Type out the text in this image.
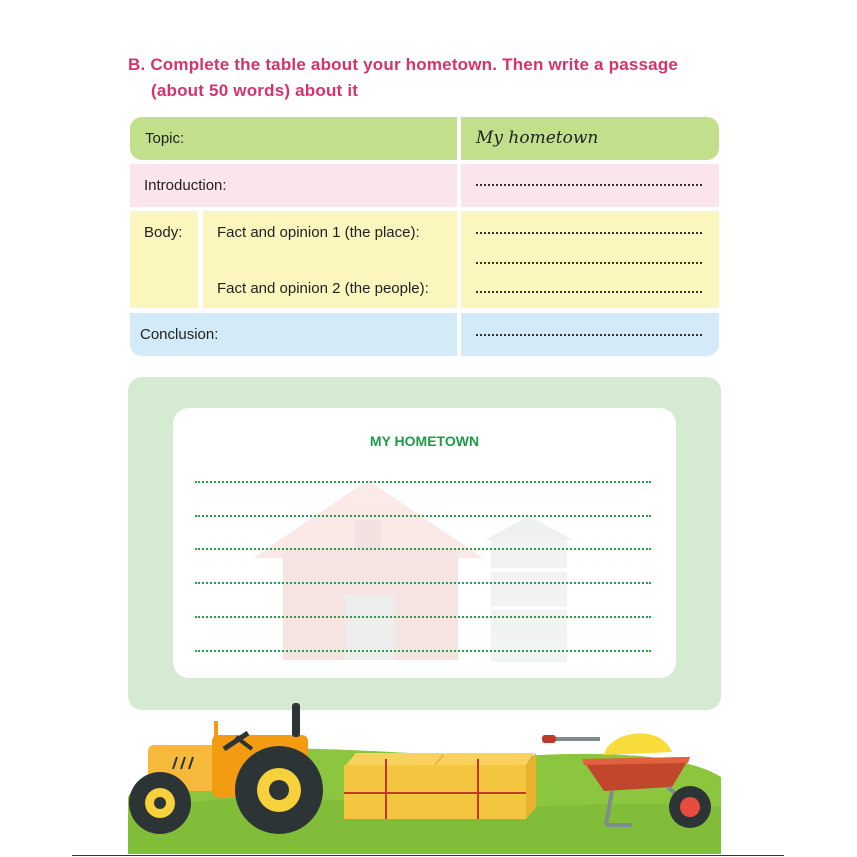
B. Complete the table about your hometown. Then write a passage
(about 50 words) about it
Topic:	My hometown
Introduction:
Body: Fact and opinion 1 (the place):
Fact and opinion 2 (the people):
Conclusion:
MY HOMETOWN
